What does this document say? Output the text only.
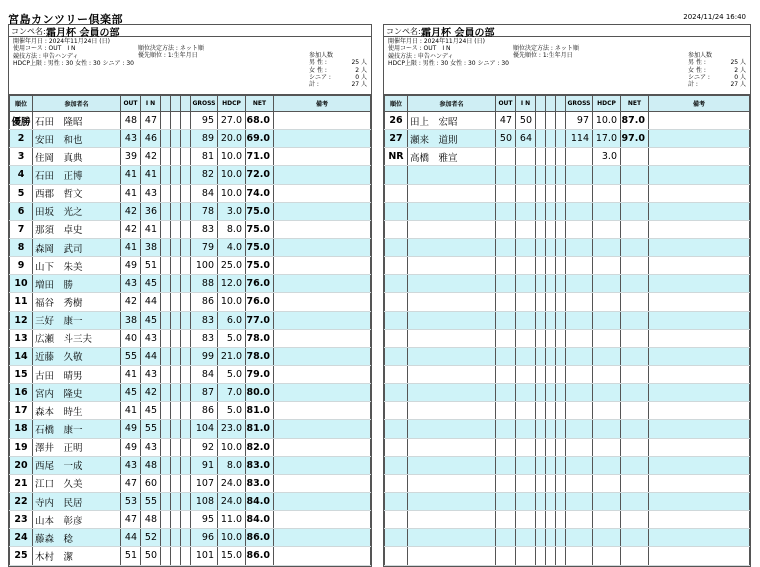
宮島カンツリー倶楽部	2024/11/24 16:40
コンペ名: 霜月杯 会員の部
開催年月日 : 2024年11月24日 (日)
使用コース : OUT　I N
競技方法 : 申告ハンディ
HDCP上限 : 男性 : 30 女性 : 30 シニア : 30
順位決定方法 : ネット順
優先順位 : 1:生年月日	参加人数
男 性 :	25 人
女 性 :	2 人
シニア :	0 人
計 :	27 人
順位	参加者名	OUT	I N				GROSS	HDCP	NET	備考
優勝	石田　隆昭	48	47				95	27.0	68.0	
2	安田　和也	43	46				89	20.0	69.0	
3	住岡　真典	39	42				81	10.0	71.0	
4	石田　正博	41	41				82	10.0	72.0	
5	西郡　哲文	41	43				84	10.0	74.0	
6	田坂　光之	42	36				78	3.0	75.0	
7	那須　卓史	42	41				83	8.0	75.0	
8	森岡　武司	41	38				79	4.0	75.0	
9	山下　朱美	49	51				100	25.0	75.0	
10	増田　勝	43	45				88	12.0	76.0	
11	福谷　秀樹	42	44				86	10.0	76.0	
12	三好　康一	38	45				83	6.0	77.0	
13	広瀬　斗三夫	40	43				83	5.0	78.0	
14	近藤　久敬	55	44				99	21.0	78.0	
15	古田　晴男	41	43				84	5.0	79.0	
16	宮内　隆史	45	42				87	7.0	80.0	
17	森本　時生	41	45				86	5.0	81.0	
18	石橋　康一	49	55				104	23.0	81.0	
19	澤井　正明	49	43				92	10.0	82.0	
20	西尾　一成	43	48				91	8.0	83.0	
21	江口　久美	47	60				107	24.0	83.0	
22	寺内　民居	53	55				108	24.0	84.0	
23	山本　彰彦	47	48				95	11.0	84.0	
24	藤森　稔	44	52				96	10.0	86.0	
25	木村　潔	51	50				101	15.0	86.0	
コンペ名: 霜月杯 会員の部
開催年月日 : 2024年11月24日 (日)
使用コース : OUT　I N
競技方法 : 申告ハンディ
HDCP上限 : 男性 : 30 女性 : 30 シニア : 30
順位決定方法 : ネット順
優先順位 : 1:生年月日	参加人数
男 性 :	25 人
女 性 :	2 人
シニア :	0 人
計 :	27 人
順位	参加者名	OUT	I N				GROSS	HDCP	NET	備考
26	田上　宏昭	47	50				97	10.0	87.0	
27	瀬来　道則	50	64				114	17.0	97.0	
NR	高橋　雅宣							3.0		
